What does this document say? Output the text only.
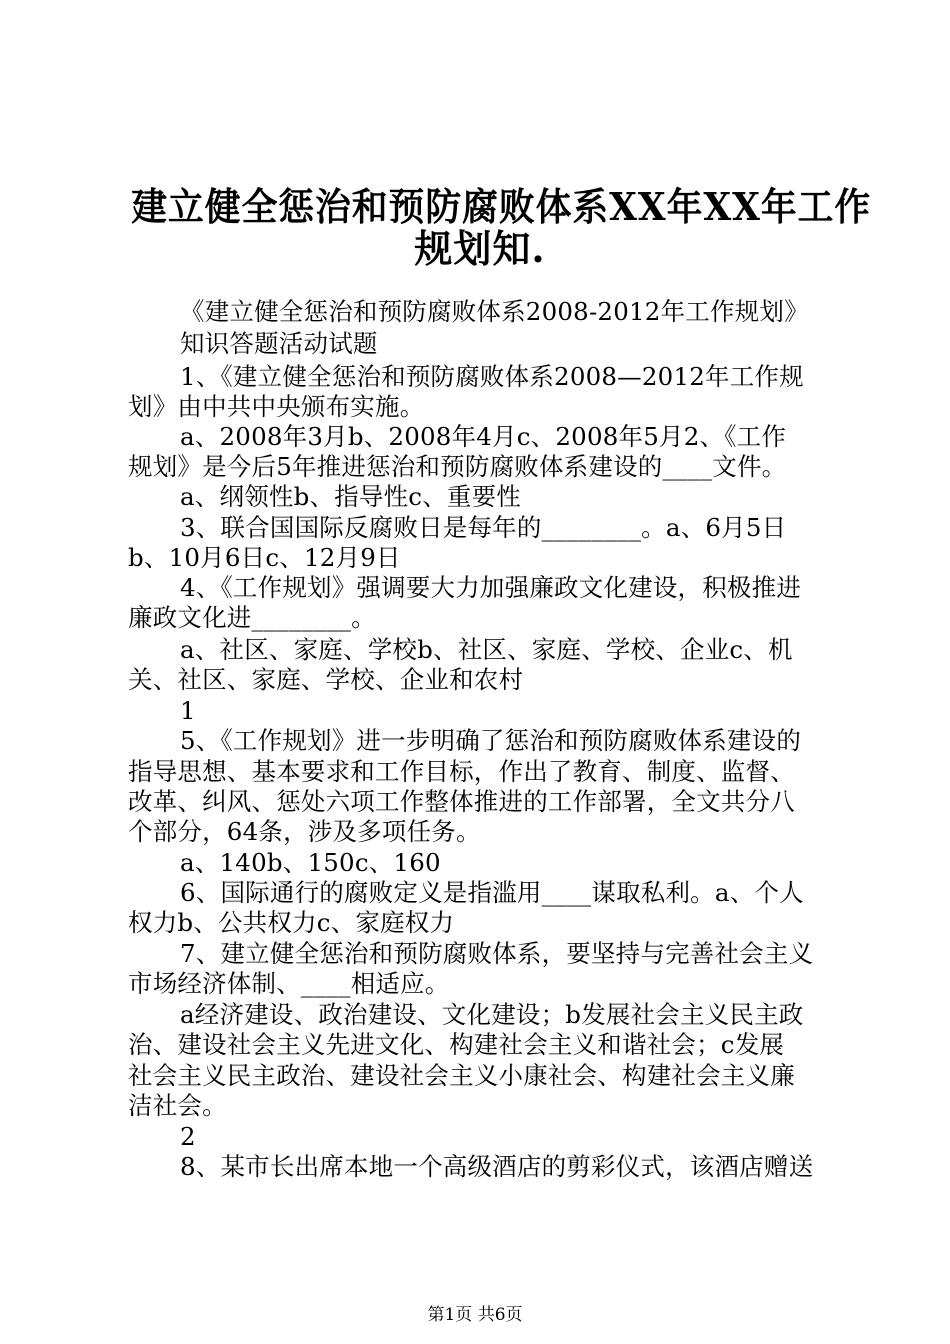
建立健全惩治和预防腐败体系XX年XX年工作
规划知.
《建立健全惩治和预防腐败体系2008-2012年工作规划》
知识答题活动试题
1、《建立健全惩治和预防腐败体系2008—2012年工作规
划》由中共中央颁布实施。
a、2008年3月b、2008年4月c、2008年5月2、《工作
规划》是今后5年推进惩治和预防腐败体系建设的____文件。
a、纲领性b、指导性c、重要性
3、联合国国际反腐败日是每年的________。a、6月5日
b、10月6日c、12月9日
4、《工作规划》强调要大力加强廉政文化建设，积极推进
廉政文化进________。
a、社区、家庭、学校b、社区、家庭、学校、企业c、机
关、社区、家庭、学校、企业和农村
1
5、《工作规划》进一步明确了惩治和预防腐败体系建设的
指导思想、基本要求和工作目标，作出了教育、制度、监督、
改革、纠风、惩处六项工作整体推进的工作部署，全文共分八
个部分，64条，涉及多项任务。
a、140b、150c、160
6、国际通行的腐败定义是指滥用____谋取私利。a、个人
权力b、公共权力c、家庭权力
7、建立健全惩治和预防腐败体系，要坚持与完善社会主义
市场经济体制、____相适应。
a经济建设、政治建设、文化建设；b发展社会主义民主政
治、建设社会主义先进文化、构建社会主义和谐社会；c发展
社会主义民主政治、建设社会主义小康社会、构建社会主义廉
洁社会。
2
8、某市长出席本地一个高级酒店的剪彩仪式，该酒店赠送
第1页 共6页
